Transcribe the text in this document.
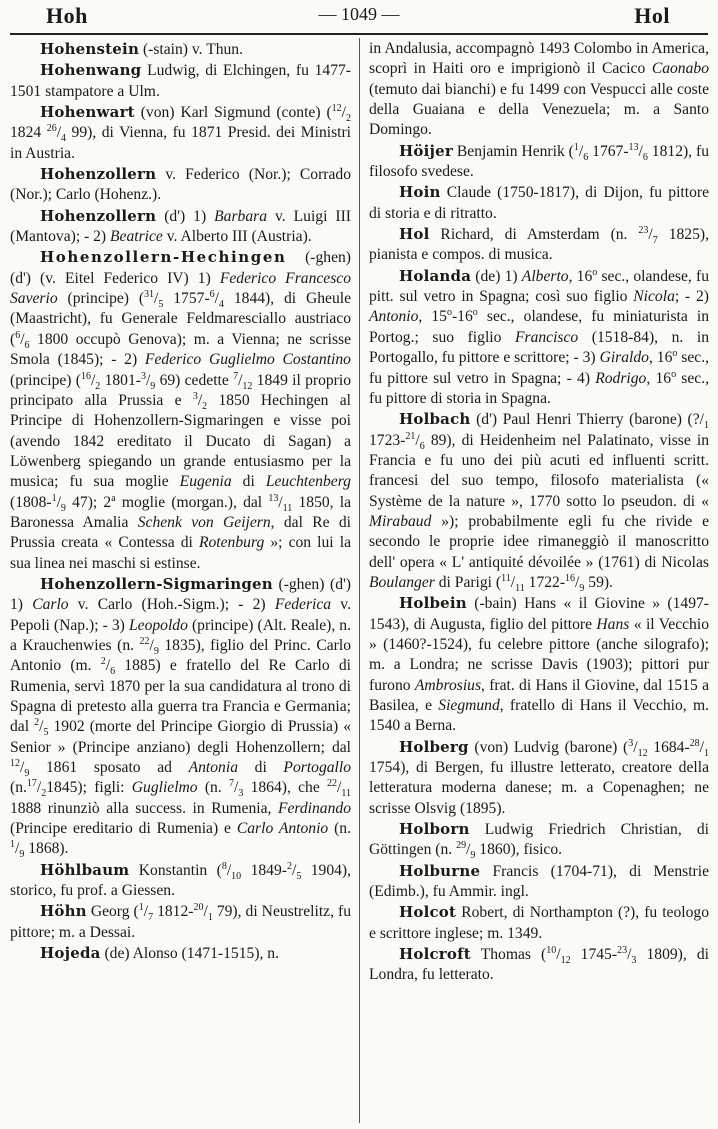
Hoh	— 1049 —	Hol

Hohenstein (-stain) v. Thun.

Hohenwang Ludwig, di Elchingen, fu 1477-1501 stampatore a Ulm.

Hohenwart (von) Karl Sigmund (conte) ($^{12}/_2$ 1824 $^{26}/_4$ 99), di Vienna, fu 1871 Presid. dei Ministri in Austria.

Hohenzollern v. Federico (Nor.); Corrado (Nor.); Carlo (Hohenz.).

Hohenzollern (d') 1) Barbara v. Luigi III (Mantova); - 2) Beatrice v. Alberto III (Austria).

Hohenzollern-Hechingen (-ghen) (d') (v. Eitel Federico IV) 1) Federico Francesco Saverio (principe) ($^{31}/_5$ $1757-^6/_4$ 1844), di Gheule (Maastricht), fu Generale Feldmaresciallo austriaco ($^6/_6$ 1800 occupò Genova); m. a Vienna; ne scrisse Smola (1845); - 2) Federico Guglielmo Costantino (principe) ($^{16}/_2$ $1801-^3/_9$ 69) cedette $^7/_{12}$ 1849 il proprio principato alla Prussia e $^3/_2$ 1850 Hechingen al Principe di Hohenzollern-Sigmaringen e visse poi (avendo 1842 ereditato il Ducato di Sagan) a Löwenberg spiegando un grande entusiasmo per la musica; fu sua moglie Eugenia di Leuchtenberg ($1808-^1/_9$ 47); 2$^a$ moglie (morgan.), dal $^{13}/_{11}$ 1850, la Baronessa Amalia Schenk von Geijern, dal Re di Prussia creata « Contessa di Rotenburg »; con lui la sua linea nei maschi si estinse.

Hohenzollern-Sigmaringen (-ghen) (d') 1) Carlo v. Carlo (Hoh.-Sigm.); - 2) Federica v. Pepoli (Nap.); - 3) Leopoldo (principe) (Alt. Reale), n. a Krauchenwies (n. $^{22}/_9$ 1835), figlio del Princ. Carlo Antonio (m. $^2/_6$ 1885) e fratello del Re Carlo di Rumenia, servì 1870 per la sua candidatura al trono di Spagna di pretesto alla guerra tra Francia e Germania; dal $^2/_5$ 1902 (morte del Principe Giorgio di Prussia) « Senior » (Principe anziano) degli Hohenzollern; dal $^{12}/_9$ 1861 sposato ad Antonia di Portogallo $(n.^{17}/_21845)$; figli: Guglielmo (n. $^7/_3$ 1864), che $^{22}/_{11}$ 1888 rinunziò alla success. in Rumenia, Ferdinando (Principe ereditario di Rumenia) e Carlo Antonio (n. $^1/_9$ 1868).

Höhlbaum Konstantin ($^8/_{10}$ $1849-^2/_5$ 1904), storico, fu prof. a Giessen.

Höhn Georg ($^1/_7$ $1812-^{20}/_1$ 79), di Neustrelitz, fu pittore; m. a Dessai.

Hojeda (de) Alonso (1471-1515), n.

in Andalusia, accompagnò 1493 Colombo in America, scoprì in Haiti oro e imprigionò il Cacico Caonabo (temuto dai bianchi) e fu 1499 con Vespucci alle coste della Guaiana e della Venezuela; m. a Santo Domingo.

Höijer Benjamin Henrik ($^1/_6$ $1767-^{13}/_6$ 1812), fu filosofo svedese.

Hoin Claude (1750-1817), di Dijon, fu pittore di storia e di ritratto.

Hol Richard, di Amsterdam (n. $^{23}/_7$ 1825), pianista e compos. di musica.

Holanda (de) 1) Alberto, 16$^o$ sec., olandese, fu pitt. sul vetro in Spagna; così suo figlio Nicola; - 2) Antonio, 15$^o$-16$^o$ sec., olandese, fu miniaturista in Portog.; suo figlio Francisco (1518-84), n. in Portogallo, fu pittore e scrittore; - 3) Giraldo, 16$^o$ sec., fu pittore sul vetro in Spagna; - 4) Rodrigo, 16$^o$ sec., fu pittore di storia in Spagna.

Holbach (d') Paul Henri Thierry (barone) ($?/_1$ $1723-^{21}/_6$ 89), di Heidenheim nel Palatinato, visse in Francia e fu uno dei più acuti ed influenti scritt. francesi del suo tempo, filosofo materialista (« Système de la nature », 1770 sotto lo pseudon. di « Mirabaud »); probabilmente egli fu che rivide e secondo le proprie idee rimaneggiò il manoscritto dell' opera « L' antiquité dévoilée » (1761) di Nicolas Boulanger di Parigi ($^{11}/_{11}$ $1722-^{16}/_9$ 59).

Holbein (-bain) Hans « il Giovine » (1497-1543), di Augusta, figlio del pittore Hans « il Vecchio » (1460?-1524), fu celebre pittore (anche silografo); m. a Londra; ne scrisse Davis (1903); pittori pur furono Ambrosius, frat. di Hans il Giovine, dal 1515 a Basilea, e Siegmund, fratello di Hans il Vecchio, m. 1540 a Berna.

Holberg (von) Ludvig (barone) ($^3/_{12}$ $1684-^{28}/_1$ 1754), di Bergen, fu illustre letterato, creatore della letteratura moderna danese; m. a Copenaghen; ne scrisse Olsvig (1895).

Holborn Ludwig Friedrich Christian, di Göttingen (n. $^{29}/_9$ 1860), fisico.

Holburne Francis (1704-71), di Menstrie (Edimb.), fu Ammir. ingl.

Holcot Robert, di Northampton (?), fu teologo e scrittore inglese; m. 1349.

Holcroft Thomas ($^{10}/_{12}$ $1745-^{23}/_3$ 1809), di Londra, fu letterato.
